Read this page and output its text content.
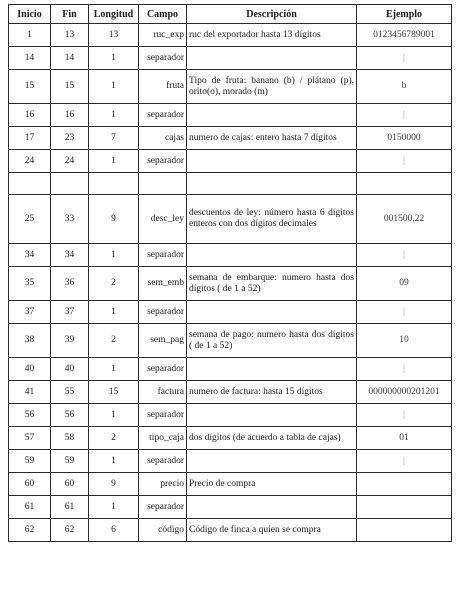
Inicio	Fin	Longitud	Campo	Descripción	Ejemplo
1	13	13	ruc_exp	ruc del exportador hasta 13 dígitos	0123456789001
14	14	1	separador		|
15	15	1	fruta	Tipo de fruta: banano (b) / plátano (p), orito(o), morado (m)	b
16	16	1	separador		|
17	23	7	cajas	numero de cajas: entero hasta 7 dígitos	0150000
24	24	1	separador		|

25	33	9	desc_ley	descuentos de ley: número hasta 6 dígitos enteros con dos dígitos decimales	001500,22
34	34	1	separador		|
35	36	2	sem_emb	semana de embarque: numero hasta dos dígitos ( de 1 a 52)	09
37	37	1	separador		|
38	39	2	sem_pag	semana de pago: numero hasta dos dígitos ( de 1 a 52)	10
40	40	1	separador		|
41	55	15	factura	numero de factura: hasta 15 dígitos	000000000201201
56	56	1	separador		|
57	58	2	tipo_caja	dos dígitos (de acuerdo a tabla de cajas)	01
59	59	1	separador		|
60	60	9	precio	Precio de compra	
61	61	1	separador		
62	62	6	código	Código de finca a quien se compra	
